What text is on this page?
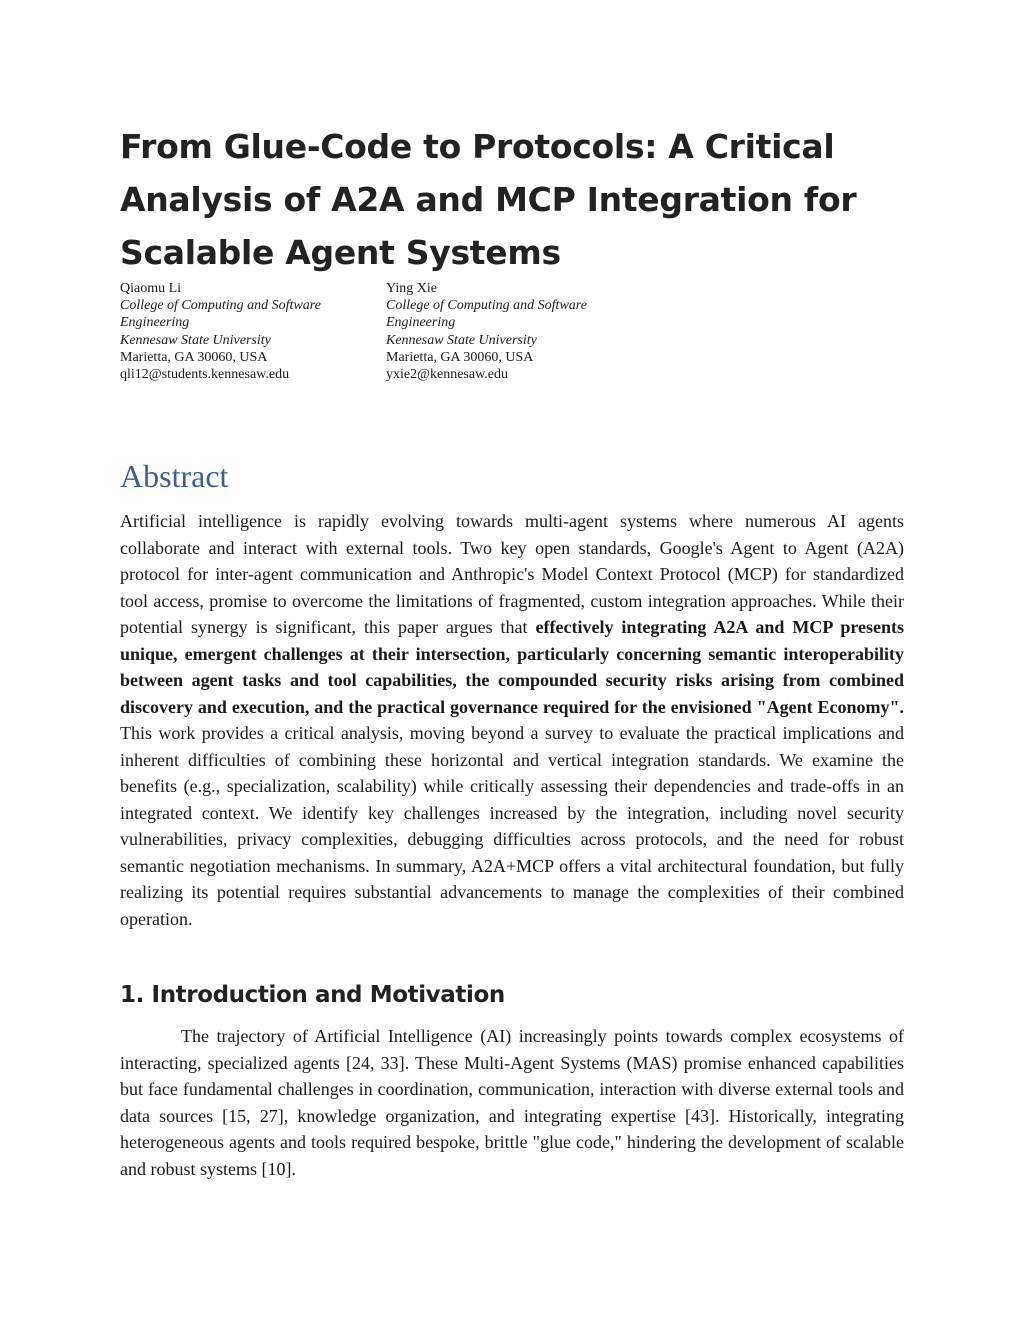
From Glue-Code to Protocols: A Critical Analysis of A2A and MCP Integration for Scalable Agent Systems
Qiaomu Li
College of Computing and Software
Engineering
Kennesaw State University
Marietta, GA 30060, USA
qli12@students.kennesaw.edu
Ying Xie
College of Computing and Software
Engineering
Kennesaw State University
Marietta, GA 30060, USA
yxie2@kennesaw.edu
Abstract

Artificial intelligence is rapidly evolving towards multi-agent systems where numerous AI agents collaborate and interact with external tools. Two key open standards, Google's Agent to Agent (A2A) protocol for inter-agent communication and Anthropic's Model Context Protocol (MCP) for standardized tool access, promise to overcome the limitations of fragmented, custom integration approaches. While their potential synergy is significant, this paper argues that effectively integrating A2A and MCP presents unique, emergent challenges at their intersection, particularly concerning semantic interoperability between agent tasks and tool capabilities, the compounded security risks arising from combined discovery and execution, and the practical governance required for the envisioned "Agent Economy". This work provides a critical analysis, moving beyond a survey to evaluate the practical implications and inherent difficulties of combining these horizontal and vertical integration standards. We examine the benefits (e.g., specialization, scalability) while critically assessing their dependencies and trade-offs in an integrated context. We identify key challenges increased by the integration, including novel security vulnerabilities, privacy complexities, debugging difficulties across protocols, and the need for robust semantic negotiation mechanisms. In summary, A2A+MCP offers a vital architectural foundation, but fully realizing its potential requires substantial advancements to manage the complexities of their combined operation.

1. Introduction and Motivation

The trajectory of Artificial Intelligence (AI) increasingly points towards complex ecosystems of interacting, specialized agents [24, 33]. These Multi-Agent Systems (MAS) promise enhanced capabilities but face fundamental challenges in coordination, communication, interaction with diverse external tools and data sources [15, 27], knowledge organization, and integrating expertise [43]. Historically, integrating heterogeneous agents and tools required bespoke, brittle "glue code," hindering the development of scalable and robust systems [10].
